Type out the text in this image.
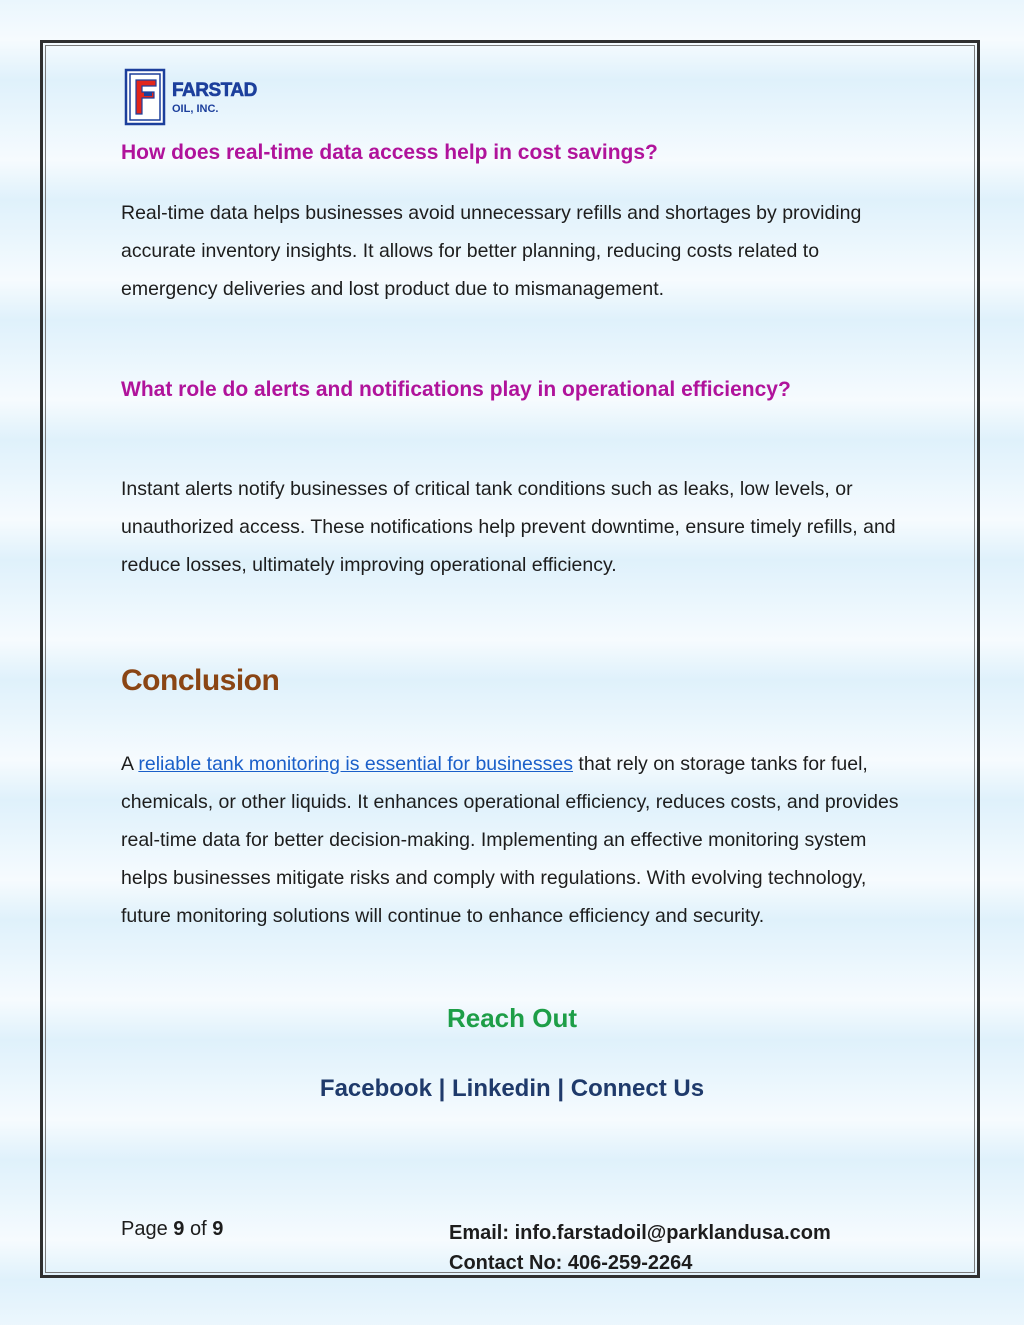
FARSTAD
OIL, INC.
How does real-time data access help in cost savings?

Real-time data helps businesses avoid unnecessary refills and shortages by providing accurate inventory insights. It allows for better planning, reducing costs related to emergency deliveries and lost product due to mismanagement.

What role do alerts and notifications play in operational efficiency?

Instant alerts notify businesses of critical tank conditions such as leaks, low levels, or unauthorized access. These notifications help prevent downtime, ensure timely refills, and reduce losses, ultimately improving operational efficiency.

Conclusion

A reliable tank monitoring is essential for businesses that rely on storage tanks for fuel, chemicals, or other liquids. It enhances operational efficiency, reduces costs, and provides real-time data for better decision-making. Implementing an effective monitoring system helps businesses mitigate risks and comply with regulations. With evolving technology, future monitoring solutions will continue to enhance efficiency and security.

Reach Out
Facebook | Linkedin | Connect Us
Page 9 of 9	Email: info.farstadoil@parklandusa.com
Contact No: 406-259-2264
